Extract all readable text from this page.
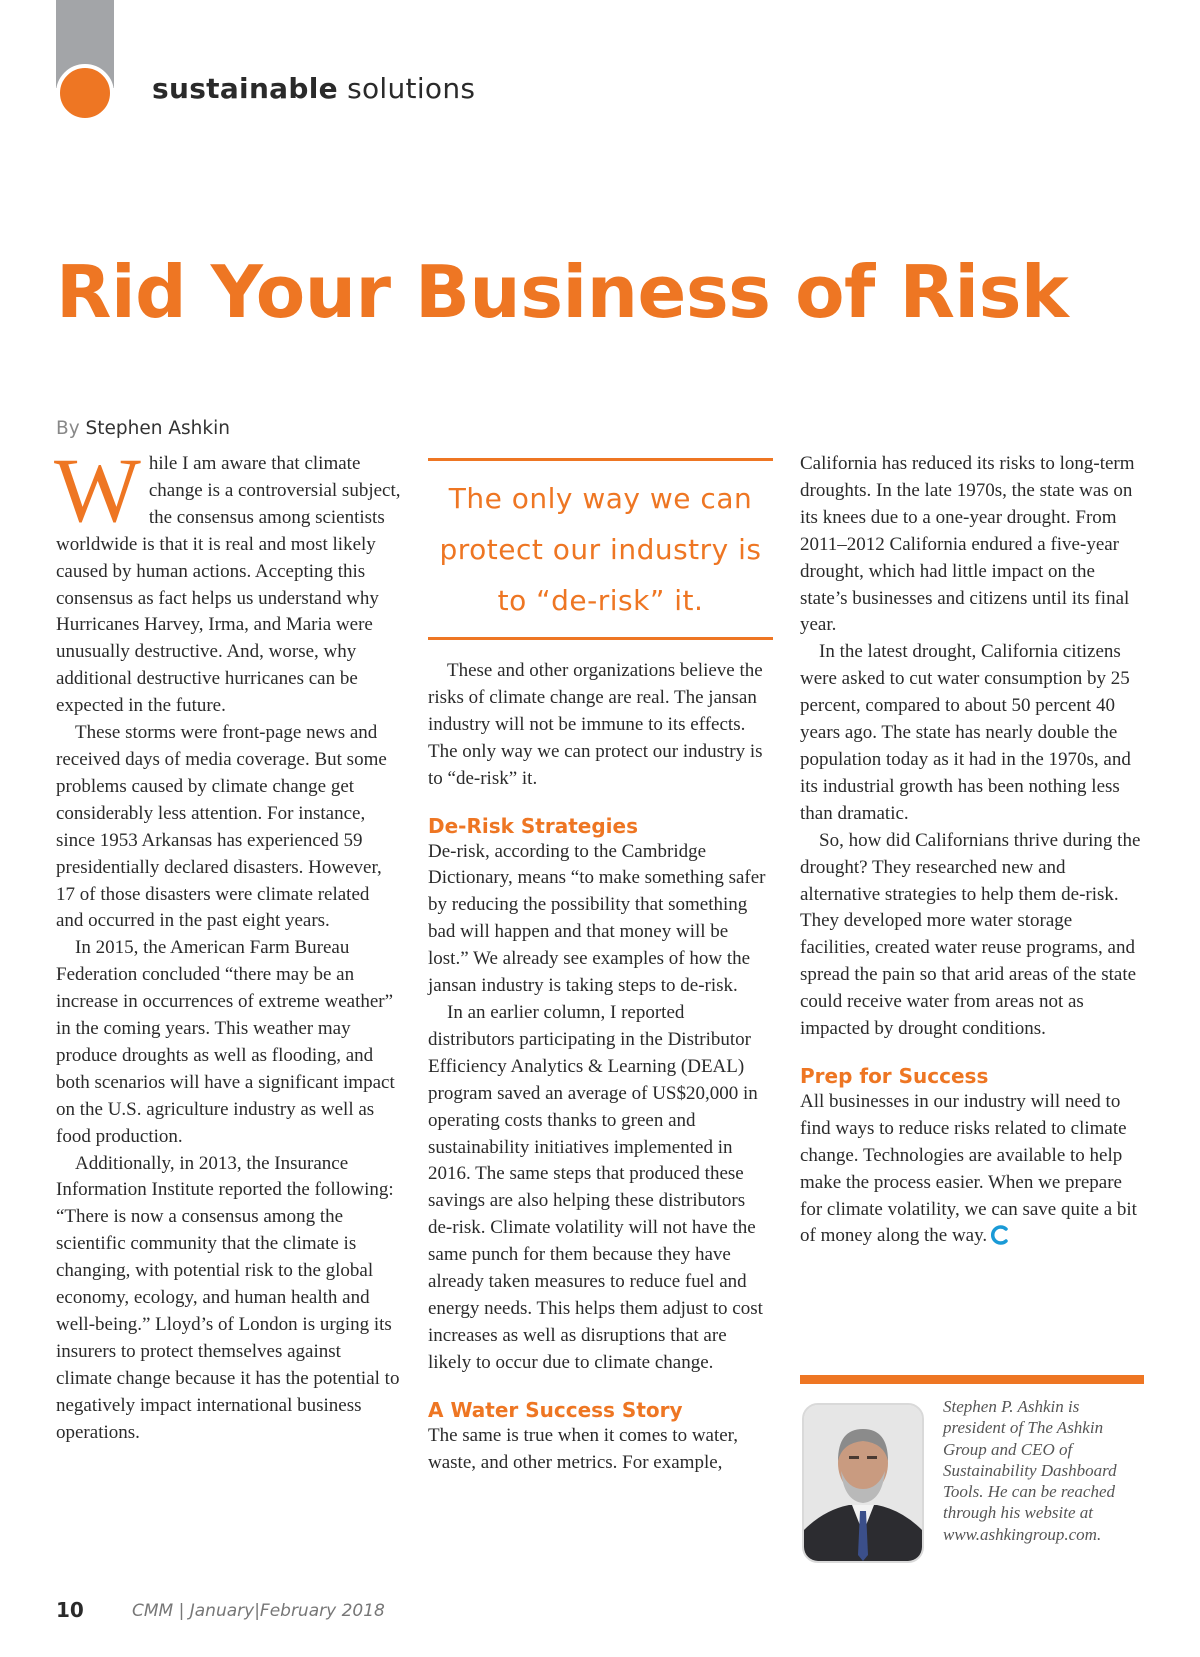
sustainable solutions
Rid Your Business of Risk
By Stephen Ashkin

While I am aware that climate change is a controversial subject, the consensus among scientists worldwide is that it is real and most likely caused by human actions. Accepting this consensus as fact helps us understand why Hurricanes Harvey, Irma, and Maria were unusually destructive. And, worse, why additional destructive hurricanes can be expected in the future.

These storms were front-page news and received days of media coverage. But some problems caused by climate change get considerably less attention. For instance, since 1953 Arkansas has experienced 59 presidentially declared disasters. However, 17 of those disasters were climate related and occurred in the past eight years.

In 2015, the American Farm Bureau Federation concluded “there may be an increase in occurrences of extreme weather” in the coming years. This weather may produce droughts as well as flooding, and both scenarios will have a significant impact on the U.S. agriculture industry as well as food production.

Additionally, in 2013, the Insurance Information Institute reported the following: “There is now a consensus among the scientific community that the climate is changing, with potential risk to the global economy, ecology, and human health and well-being.” Lloyd’s of London is urging its insurers to protect themselves against climate change because it has the potential to negatively impact international business operations.

The only way we can protect our industry is to “de-risk” it.

These and other organizations believe the risks of climate change are real. The jansan industry will not be immune to its effects. The only way we can protect our industry is to “de-risk” it.

De-Risk Strategies

De-risk, according to the Cambridge Dictionary, means “to make something safer by reducing the possibility that something bad will happen and that money will be lost.” We already see examples of how the jansan industry is taking steps to de-risk.

In an earlier column, I reported distributors participating in the Distributor Efficiency Analytics & Learning (DEAL) program saved an average of US$20,000 in operating costs thanks to green and sustainability initiatives implemented in 2016. The same steps that produced these savings are also helping these distributors de-risk. Climate volatility will not have the same punch for them because they have already taken measures to reduce fuel and energy needs. This helps them adjust to cost increases as well as disruptions that are likely to occur due to climate change.

A Water Success Story

The same is true when it comes to water, waste, and other metrics. For example,

California has reduced its risks to long-term droughts. In the late 1970s, the state was on its knees due to a one-year drought. From 2011–2012 California endured a five-year drought, which had little impact on the state’s businesses and citizens until its final year.

In the latest drought, California citizens were asked to cut water consumption by 25 percent, compared to about 50 percent 40 years ago. The state has nearly double the population today as it had in the 1970s, and its industrial growth has been nothing less than dramatic.

So, how did Californians thrive during the drought? They researched new and alternative strategies to help them de-risk. They developed more water storage facilities, created water reuse programs, and spread the pain so that arid areas of the state could receive water from areas not as impacted by drought conditions.

Prep for Success

All businesses in our industry will need to find ways to reduce risks related to climate change. Technologies are available to help make the process easier. When we prepare for climate volatility, we can save quite a bit of money along the way.

Stephen P. Ashkin is president of The Ashkin Group and CEO of Sustainability Dashboard Tools. He can be reached through his website at www.ashkingroup.com.

10	CMM | January|February 2018
